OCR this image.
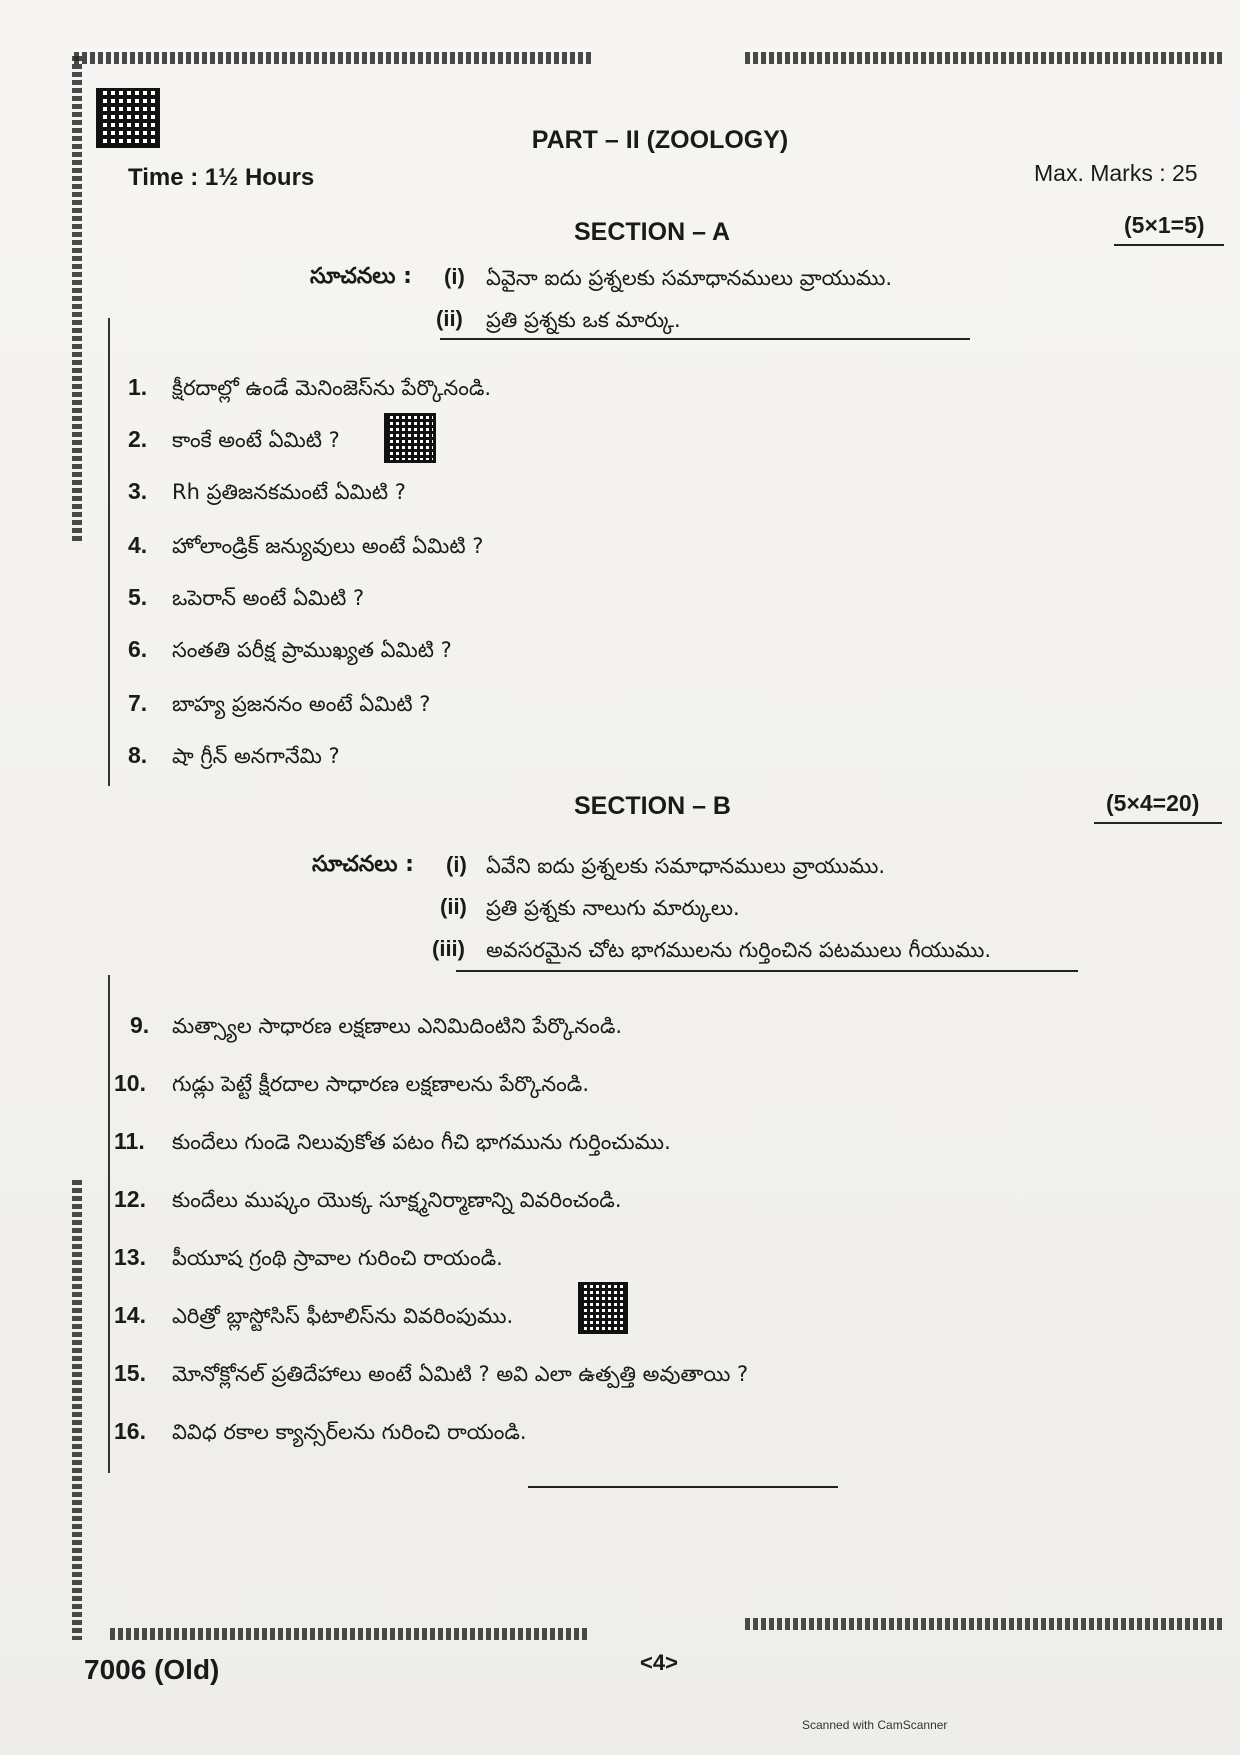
PART – II (ZOOLOGY)
Time : 1½ Hours	Max. Marks : 25
SECTION – A	(5×1=5)
సూచనలు : (i) ఏవైనా ఐదు ప్రశ్నలకు సమాధానములు వ్రాయుము.
(ii) ప్రతి ప్రశ్నకు ఒక మార్కు.
1. క్షీరదాల్లో ఉండే మెనింజెస్‌ను పేర్కొనండి.
2. కాంకే అంటే ఏమిటి ?
3. Rh ప్రతిజనకమంటే ఏమిటి ?
4. హోలాండ్రిక్ జన్యువులు అంటే ఏమిటి ?
5. ఒపెరాన్ అంటే ఏమిటి ?
6. సంతతి పరీక్ష ప్రాముఖ్యత ఏమిటి ?
7. బాహ్య ప్రజననం అంటే ఏమిటి ?
8. షా గ్రీన్ అనగానేమి ?
SECTION – B	(5×4=20)
సూచనలు : (i) ఏవేని ఐదు ప్రశ్నలకు సమాధానములు వ్రాయుము.
(ii) ప్రతి ప్రశ్నకు నాలుగు మార్కులు.
(iii) అవసరమైన చోట భాగములను గుర్తించిన పటములు గీయుము.
9. మత్స్యాల సాధారణ లక్షణాలు ఎనిమిదింటిని పేర్కొనండి.
10. గుడ్లు పెట్టే క్షీరదాల సాధారణ లక్షణాలను పేర్కొనండి.
11. కుందేలు గుండె నిలువుకోత పటం గీచి భాగమును గుర్తించుము.
12. కుందేలు ముష్కం యొక్క సూక్ష్మనిర్మాణాన్ని వివరించండి.
13. పీయూష గ్రంథి స్రావాల గురించి రాయండి.
14. ఎరిత్రో బ్లాస్టోసిస్ ఫీటాలిస్‌ను వివరింపుము.
15. మోనోక్లోనల్ ప్రతిదేహాలు అంటే ఏమిటి ? అవి ఎలా ఉత్పత్తి అవుతాయి ?
16. వివిధ రకాల క్యాన్సర్‌లను గురించి రాయండి.
7006 (Old)	<4>
Scanned with CamScanner
